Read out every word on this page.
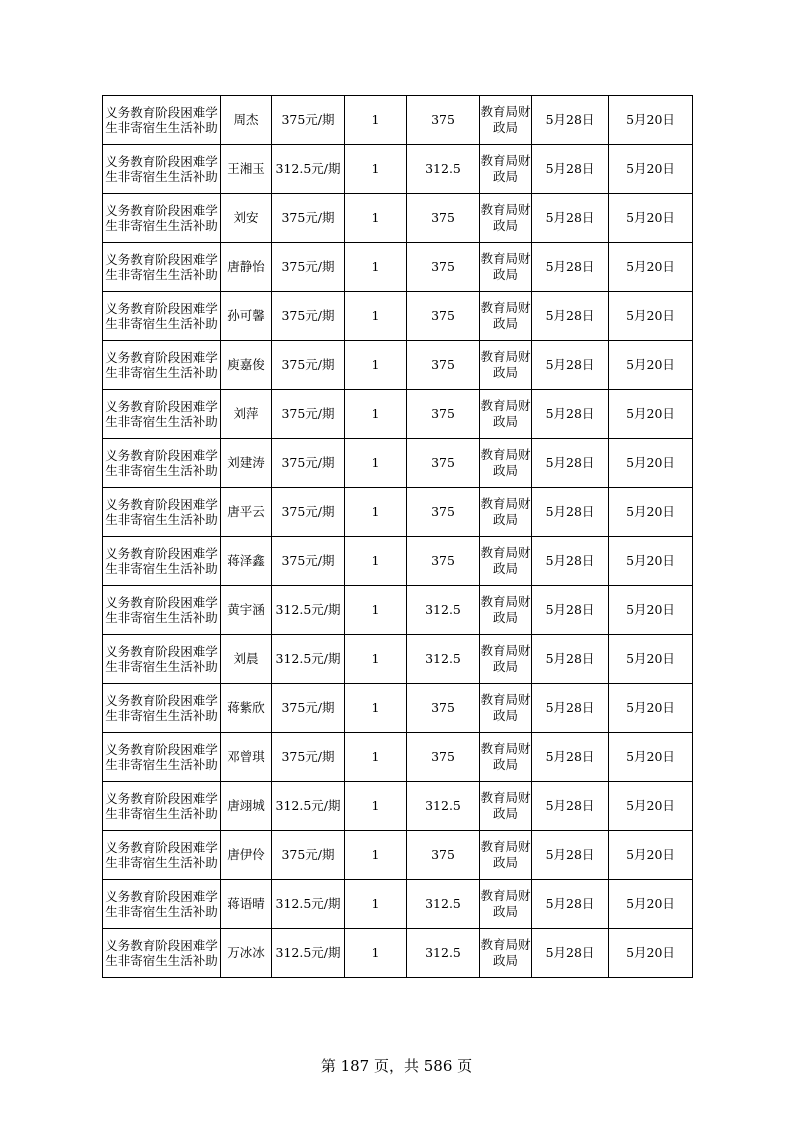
义务教育阶段困难学生非寄宿生生活补助	周杰	375元/期	1	375	教育局财政局	5月28日	5月20日
义务教育阶段困难学生非寄宿生生活补助	王湘玉	312.5元/期	1	312.5	教育局财政局	5月28日	5月20日
义务教育阶段困难学生非寄宿生生活补助	刘安	375元/期	1	375	教育局财政局	5月28日	5月20日
义务教育阶段困难学生非寄宿生生活补助	唐静怡	375元/期	1	375	教育局财政局	5月28日	5月20日
义务教育阶段困难学生非寄宿生生活补助	孙可馨	375元/期	1	375	教育局财政局	5月28日	5月20日
义务教育阶段困难学生非寄宿生生活补助	庾嘉俊	375元/期	1	375	教育局财政局	5月28日	5月20日
义务教育阶段困难学生非寄宿生生活补助	刘萍	375元/期	1	375	教育局财政局	5月28日	5月20日
义务教育阶段困难学生非寄宿生生活补助	刘建涛	375元/期	1	375	教育局财政局	5月28日	5月20日
义务教育阶段困难学生非寄宿生生活补助	唐平云	375元/期	1	375	教育局财政局	5月28日	5月20日
义务教育阶段困难学生非寄宿生生活补助	蒋泽鑫	375元/期	1	375	教育局财政局	5月28日	5月20日
义务教育阶段困难学生非寄宿生生活补助	黄宇涵	312.5元/期	1	312.5	教育局财政局	5月28日	5月20日
义务教育阶段困难学生非寄宿生生活补助	刘晨	312.5元/期	1	312.5	教育局财政局	5月28日	5月20日
义务教育阶段困难学生非寄宿生生活补助	蒋紫欣	375元/期	1	375	教育局财政局	5月28日	5月20日
义务教育阶段困难学生非寄宿生生活补助	邓曾琪	375元/期	1	375	教育局财政局	5月28日	5月20日
义务教育阶段困难学生非寄宿生生活补助	唐翊城	312.5元/期	1	312.5	教育局财政局	5月28日	5月20日
义务教育阶段困难学生非寄宿生生活补助	唐伊伶	375元/期	1	375	教育局财政局	5月28日	5月20日
义务教育阶段困难学生非寄宿生生活补助	蒋语晴	312.5元/期	1	312.5	教育局财政局	5月28日	5月20日
义务教育阶段困难学生非寄宿生生活补助	万冰冰	312.5元/期	1	312.5	教育局财政局	5月28日	5月20日
第 187 页，共 586 页
